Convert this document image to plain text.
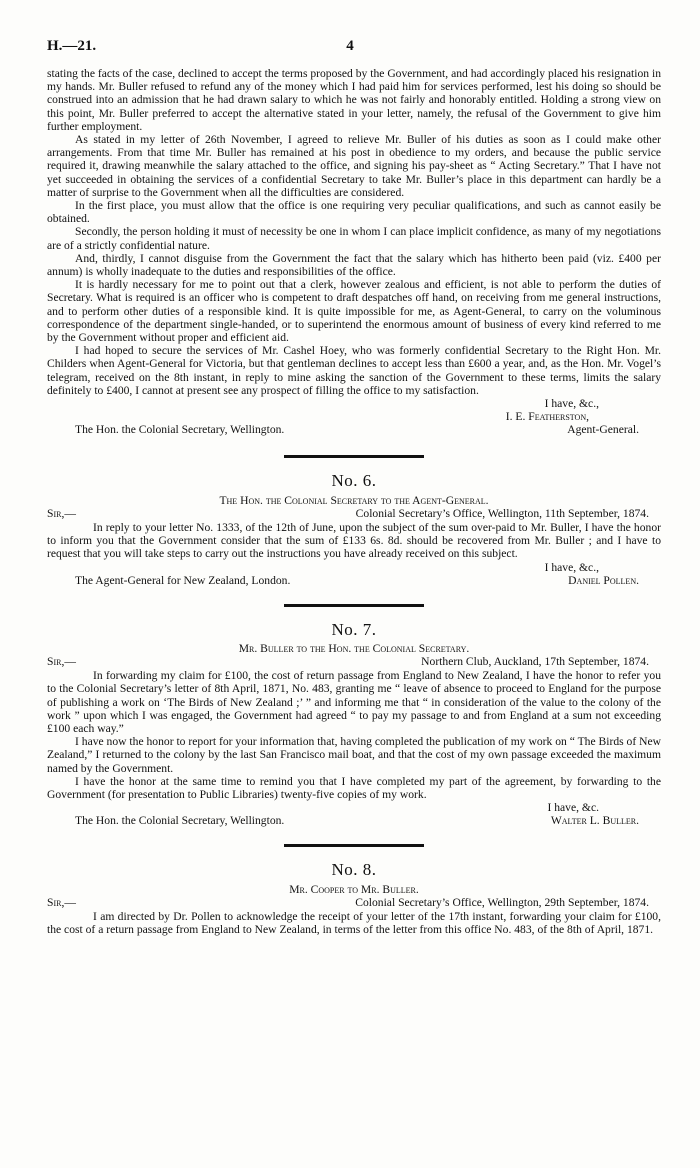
H.—21.	4

stating the facts of the case, declined to accept the terms proposed by the Government, and had accordingly placed his resignation in my hands. Mr. Buller refused to refund any of the money which I had paid him for services performed, lest his doing so should be construed into an admission that he had drawn salary to which he was not fairly and honorably entitled. Holding a strong view on this point, Mr. Buller preferred to accept the alternative stated in your letter, namely, the refusal of the Government to give him further employment.

As stated in my letter of 26th November, I agreed to relieve Mr. Buller of his duties as soon as I could make other arrangements. From that time Mr. Buller has remained at his post in obedience to my orders, and because the public service required it, drawing meanwhile the salary attached to the office, and signing his pay-sheet as “ Acting Secretary.” That I have not yet succeeded in obtaining the services of a confidential Secretary to take Mr. Buller’s place in this department can hardly be a matter of surprise to the Government when all the difficulties are considered.

In the first place, you must allow that the office is one requiring very peculiar qualifications, and such as cannot easily be obtained.

Secondly, the person holding it must of necessity be one in whom I can place implicit confidence, as many of my negotiations are of a strictly confidential nature.

And, thirdly, I cannot disguise from the Government the fact that the salary which has hitherto been paid (viz. £400 per annum) is wholly inadequate to the duties and responsibilities of the office.

It is hardly necessary for me to point out that a clerk, however zealous and efficient, is not able to perform the duties of Secretary. What is required is an officer who is competent to draft despatches off hand, on receiving from me general instructions, and to perform other duties of a responsible kind. It is quite impossible for me, as Agent-General, to carry on the voluminous correspondence of the department single-handed, or to superintend the enormous amount of business of every kind referred to me by the Government without proper and efficient aid.

I had hoped to secure the services of Mr. Cashel Hoey, who was formerly confidential Secretary to the Right Hon. Mr. Childers when Agent-General for Victoria, but that gentleman declines to accept less than £600 a year, and, as the Hon. Mr. Vogel’s telegram, received on the 8th instant, in reply to mine asking the sanction of the Government to these terms, limits the salary definitely to £400, I cannot at present see any prospect of filling the office to my satisfaction.

I have, &c.,

I. E. Featherston,

The Hon. the Colonial Secretary, Wellington.	Agent-General.
No. 6.
The Hon. the Colonial Secretary to the Agent-General.
Sir,—	Colonial Secretary’s Office, Wellington, 11th September, 1874.

In reply to your letter No. 1333, of the 12th of June, upon the subject of the sum over-paid to Mr. Buller, I have the honor to inform you that the Government consider that the sum of £133 6s. 8d. should be recovered from Mr. Buller ; and I have to request that you will take steps to carry out the instructions you have already received on this subject.

I have, &c.,

The Agent-General for New Zealand, London.	Daniel Pollen.
No. 7.
Mr. Buller to the Hon. the Colonial Secretary.
Sir,—	Northern Club, Auckland, 17th September, 1874.

In forwarding my claim for £100, the cost of return passage from England to New Zealand, I have the honor to refer you to the Colonial Secretary’s letter of 8th April, 1871, No. 483, granting me “ leave of absence to proceed to England for the purpose of publishing a work on ‘The Birds of New Zealand ;’ ” and informing me that “ in consideration of the value to the colony of the work ” upon which I was engaged, the Government had agreed “ to pay my passage to and from England at a sum not exceeding £100 each way.”

I have now the honor to report for your information that, having completed the publication of my work on “ The Birds of New Zealand,” I returned to the colony by the last San Francisco mail boat, and that the cost of my own passage exceeded the maximum named by the Government.

I have the honor at the same time to remind you that I have completed my part of the agreement, by forwarding to the Government (for presentation to Public Libraries) twenty-five copies of my work.

I have, &c.

The Hon. the Colonial Secretary, Wellington.	Walter L. Buller.
No. 8.
Mr. Cooper to Mr. Buller.
Sir,—	Colonial Secretary’s Office, Wellington, 29th September, 1874.

I am directed by Dr. Pollen to acknowledge the receipt of your letter of the 17th instant, forwarding your claim for £100, the cost of a return passage from England to New Zealand, in terms of the letter from this office No. 483, of the 8th of April, 1871.
